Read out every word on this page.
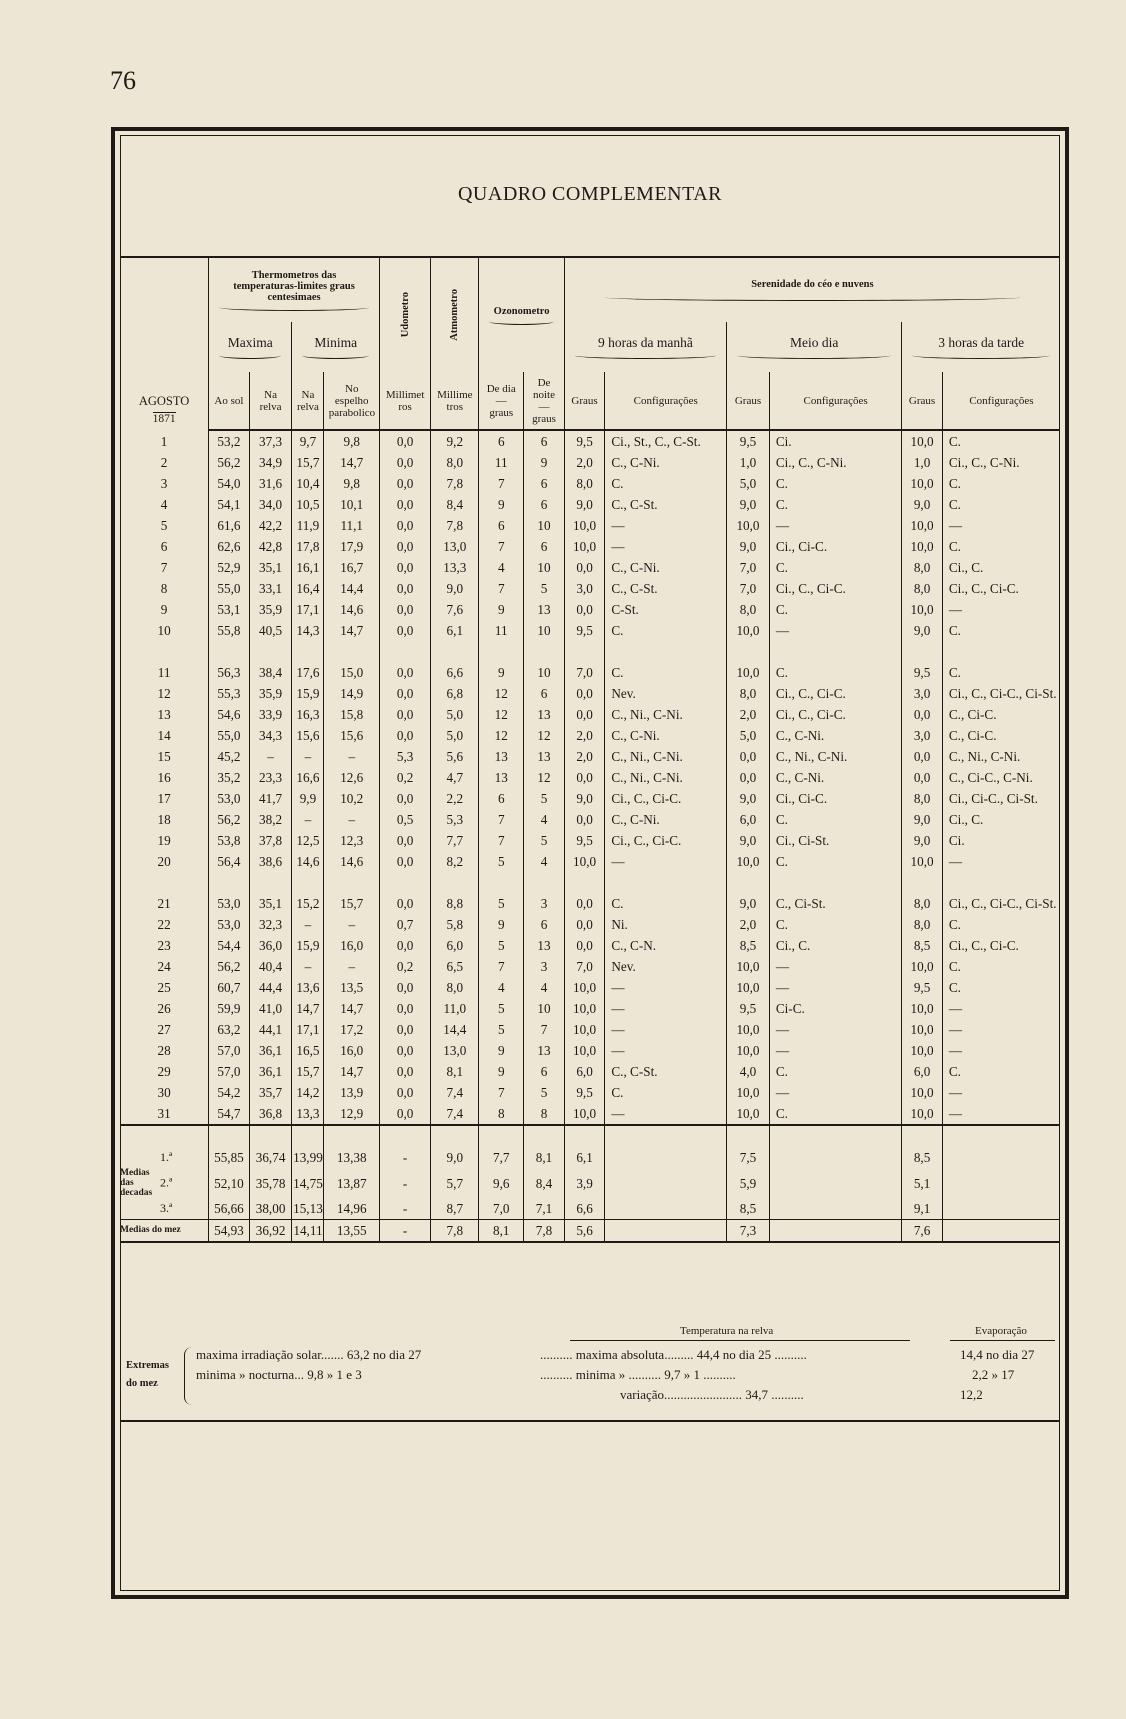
76
QUADRO COMPLEMENTAR
AGOSTO
1871	Thermometros das temperaturas-limites graus centesimaes				Udometro	Atmometro	Ozonometro		Serenidade do céo e nuvens					

	Maxima		Minima						9 horas da manhã		Meio dia		3 horas da tarde	

	Ao sol	Na relva	Na relva	No espelho parabolico	Millimetros	Millimetros	De dia — graus	De noite — graus	Graus	Configurações	Graus	Configurações	Graus	Configurações
1	53,2	37,3	9,7	9,8	0,0	9,2	6	6	9,5	Ci., St., C., C-St.	9,5	Ci.	10,0	C.
2	56,2	34,9	15,7	14,7	0,0	8,0	11	9	2,0	C., C-Ni.	1,0	Ci., C., C-Ni.	1,0	Ci., C., C-Ni.
3	54,0	31,6	10,4	9,8	0,0	7,8	7	6	8,0	C.	5,0	C.	10,0	C.
4	54,1	34,0	10,5	10,1	0,0	8,4	9	6	9,0	C., C-St.	9,0	C.	9,0	C.
5	61,6	42,2	11,9	11,1	0,0	7,8	6	10	10,0	—	10,0	—	10,0	—
6	62,6	42,8	17,8	17,9	0,0	13,0	7	6	10,0	—	9,0	Ci., Ci-C.	10,0	C.
7	52,9	35,1	16,1	16,7	0,0	13,3	4	10	0,0	C., C-Ni.	7,0	C.	8,0	Ci., C.
8	55,0	33,1	16,4	14,4	0,0	9,0	7	5	3,0	C., C-St.	7,0	Ci., C., Ci-C.	8,0	Ci., C., Ci-C.
9	53,1	35,9	17,1	14,6	0,0	7,6	9	13	0,0	C-St.	8,0	C.	10,0	—
10	55,8	40,5	14,3	14,7	0,0	6,1	11	10	9,5	C.	10,0	—	9,0	C.

11	56,3	38,4	17,6	15,0	0,0	6,6	9	10	7,0	C.	10,0	C.	9,5	C.
12	55,3	35,9	15,9	14,9	0,0	6,8	12	6	0,0	Nev.	8,0	Ci., C., Ci-C.	3,0	Ci., C., Ci-C., Ci-St.
13	54,6	33,9	16,3	15,8	0,0	5,0	12	13	0,0	C., Ni., C-Ni.	2,0	Ci., C., Ci-C.	0,0	C., Ci-C.
14	55,0	34,3	15,6	15,6	0,0	5,0	12	12	2,0	C., C-Ni.	5,0	C., C-Ni.	3,0	C., Ci-C.
15	45,2	–	–	–	5,3	5,6	13	13	2,0	C., Ni., C-Ni.	0,0	C., Ni., C-Ni.	0,0	C., Ni., C-Ni.
16	35,2	23,3	16,6	12,6	0,2	4,7	13	12	0,0	C., Ni., C-Ni.	0,0	C., C-Ni.	0,0	C., Ci-C., C-Ni.
17	53,0	41,7	9,9	10,2	0,0	2,2	6	5	9,0	Ci., C., Ci-C.	9,0	Ci., Ci-C.	8,0	Ci., Ci-C., Ci-St.
18	56,2	38,2	–	–	0,5	5,3	7	4	0,0	C., C-Ni.	6,0	C.	9,0	Ci., C.
19	53,8	37,8	12,5	12,3	0,0	7,7	7	5	9,5	Ci., C., Ci-C.	9,0	Ci., Ci-St.	9,0	Ci.
20	56,4	38,6	14,6	14,6	0,0	8,2	5	4	10,0	—	10,0	C.	10,0	—

21	53,0	35,1	15,2	15,7	0,0	8,8	5	3	0,0	C.	9,0	C., Ci-St.	8,0	Ci., C., Ci-C., Ci-St.
22	53,0	32,3	–	–	0,7	5,8	9	6	0,0	Ni.	2,0	C.	8,0	C.
23	54,4	36,0	15,9	16,0	0,0	6,0	5	13	0,0	C., C-N.	8,5	Ci., C.	8,5	Ci., C., Ci-C.
24	56,2	40,4	–	–	0,2	6,5	7	3	7,0	Nev.	10,0	—	10,0	C.
25	60,7	44,4	13,6	13,5	0,0	8,0	4	4	10,0	—	10,0	—	9,5	C.
26	59,9	41,0	14,7	14,7	0,0	11,0	5	10	10,0	—	9,5	Ci-C.	10,0	—
27	63,2	44,1	17,1	17,2	0,0	14,4	5	7	10,0	—	10,0	—	10,0	—
28	57,0	36,1	16,5	16,0	0,0	13,0	9	13	10,0	—	10,0	—	10,0	—
29	57,0	36,1	15,7	14,7	0,0	8,1	9	6	6,0	C., C-St.	4,0	C.	6,0	C.
30	54,2	35,7	14,2	13,9	0,0	7,4	7	5	9,5	C.	10,0	—	10,0	—
31	54,7	36,8	13,3	12,9	0,0	7,4	8	8	10,0	—	10,0	C.	10,0	—

1.ª	55,85	36,74	13,99	13,38	-	9,0	7,7	8,1	6,1		7,5		8,5	
Medias das decadas2.ª	52,10	35,78	14,75	13,87	-	5,7	9,6	8,4	3,9		5,9		5,1	
3.ª	56,66	38,00	15,13	14,96	-	8,7	7,0	7,1	6,6		8,5		9,1	
Medias do mez	54,93	36,92	14,11	13,55	-	7,8	8,1	7,8	5,6		7,3		7,6	
Temperatura na relva	Evaporação
Extremas do mez
maxima irradiação solar....... 63,2 no dia 27
minima » nocturna... 9,8 » 1 e 3
.......... maxima absoluta......... 44,4 no dia 25 ..........
.......... minima » .......... 9,7 » 1 ..........
variação........................ 34,7 ..........
14,4 no dia 27
2,2 » 17
12,2
